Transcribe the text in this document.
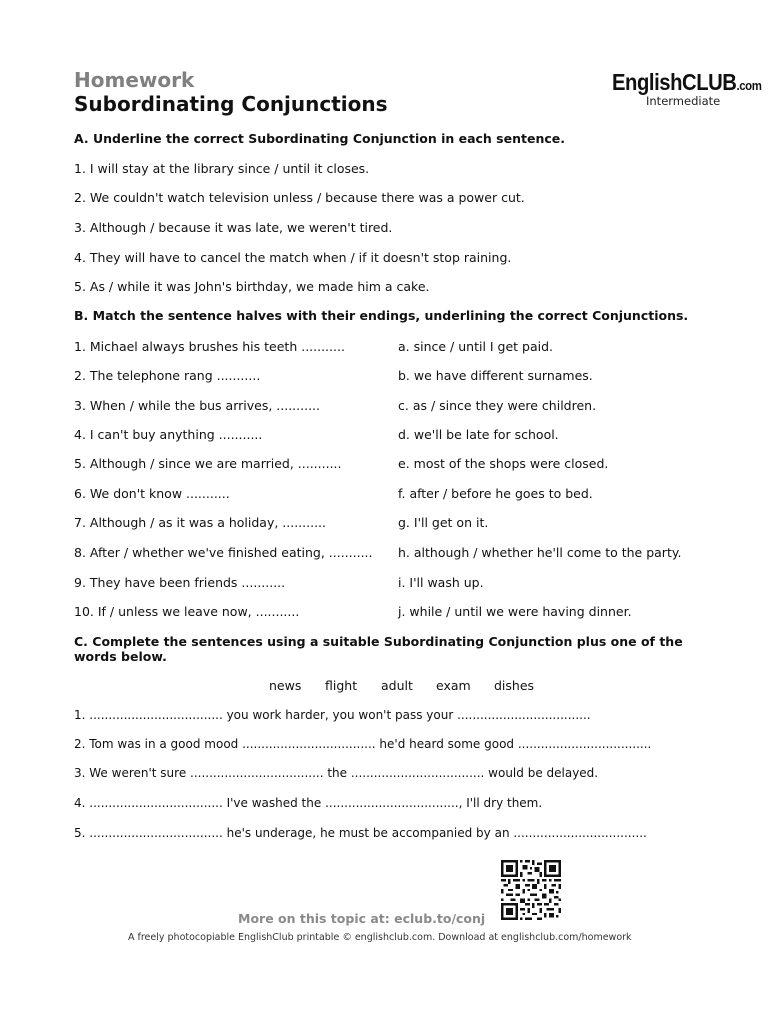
Homework
Subordinating Conjunctions
EnglishCLUB.com
Intermediate
A. Underline the correct Subordinating Conjunction in each sentence.
1. I will stay at the library since / until it closes.
2. We couldn't watch television unless / because there was a power cut.
3. Although / because it was late, we weren't tired.
4. They will have to cancel the match when / if it doesn't stop raining.
5. As / while it was John's birthday, we made him a cake.
B. Match the sentence halves with their endings, underlining the correct Conjunctions.
1. Michael always brushes his teeth ...........
2. The telephone rang ...........
3. When / while the bus arrives, ...........
4. I can't buy anything ...........
5. Although / since we are married, ...........
6. We don't know ...........
7. Although / as it was a holiday, ...........
8. After / whether we've finished eating, ...........
9. They have been friends ...........
10. If / unless we leave now, ...........
a. since / until I get paid.
b. we have different surnames.
c. as / since they were children.
d. we'll be late for school.
e. most of the shops were closed.
f. after / before he goes to bed.
g. I'll get on it.
h. although / whether he'll come to the party.
i. I'll wash up.
j. while / until we were having dinner.
C. Complete the sentences using a suitable Subordinating Conjunction plus one of the words below.
news flight adult exam dishes
1. ................................... you work harder, you won't pass your ...................................
2. Tom was in a good mood ................................... he'd heard some good ...................................
3. We weren't sure ................................... the ................................... would be delayed.
4. ................................... I've washed the ..................................., I'll dry them.
5. ................................... he's underage, he must be accompanied by an ...................................
More on this topic at: eclub.to/conj
A freely photocopiable EnglishClub printable © englishclub.com. Download at englishclub.com/homework
